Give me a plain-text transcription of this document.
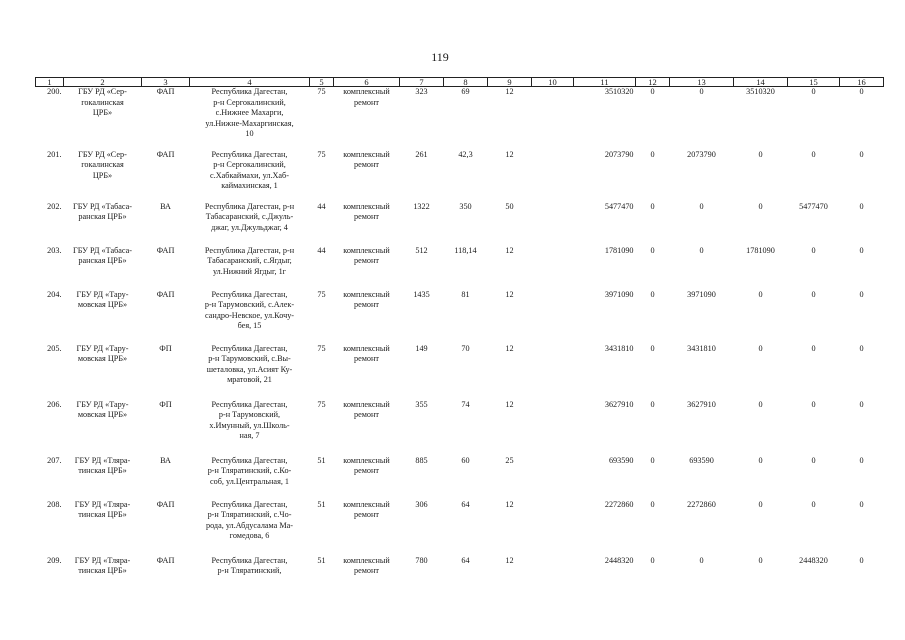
119
1	2	3	4	5	6	7	8	9	10	11	12	13	14	15	16
200.	ГБУ РД «Сер-
гокалинская
ЦРБ»	ФАП	Республика Дагестан,
р-н Сергокалинский,
с.Нижнее Махарги,
ул.Нижне-Махаргинская,
10	75	комплексный
ремонт	323	69	12		3510320	0	0	3510320	0	0
201.	ГБУ РД «Сер-
гокалинская
ЦРБ»	ФАП	Республика Дагестан,
р-н Сергокалинский,
с.Хабкаймахи, ул.Хаб-
каймахинская, 1	75	комплексный
ремонт	261	42,3	12		2073790	0	2073790	0	0	0
202.	ГБУ РД «Табаса-
ранская ЦРБ»	ВА	Республика Дагестан, р-н
Табасаранский, с.Джуль-
джаг, ул.Джульджаг, 4	44	комплексный
ремонт	1322	350	50		5477470	0	0	0	5477470	0
203.	ГБУ РД «Табаса-
ранская ЦРБ»	ФАП	Республика Дагестан, р-н
Табасаранский, с.Ягдыг,
ул.Нижний Ягдыг, 1г	44	комплексный
ремонт	512	118,14	12		1781090	0	0	1781090	0	0
204.	ГБУ РД «Тару-
мовская ЦРБ»	ФАП	Республика Дагестан,
р-н Тарумовский, с.Алек-
сандро-Невское, ул.Кочу-
бея, 15	75	комплексный
ремонт	1435	81	12		3971090	0	3971090	0	0	0
205.	ГБУ РД «Тару-
мовская ЦРБ»	ФП	Республика Дагестан,
р-н Тарумовский, с.Вы-
шеталовка, ул.Асият Ку-
мратовой, 21	75	комплексный
ремонт	149	70	12		3431810	0	3431810	0	0	0
206.	ГБУ РД «Тару-
мовская ЦРБ»	ФП	Республика Дагестан,
р-н Тарумовский,
х.Имунный, ул.Школь-
ная, 7	75	комплексный
ремонт	355	74	12		3627910	0	3627910	0	0	0
207.	ГБУ РД «Тляра-
тинская ЦРБ»	ВА	Республика Дагестан,
р-н Тляратинский, с.Ко-
соб, ул.Центральная, 1	51	комплексный
ремонт	885	60	25		693590	0	693590	0	0	0
208.	ГБУ РД «Тляра-
тинская ЦРБ»	ФАП	Республика Дагестан,
р-н Тляратинский, с.Чо-
рода, ул.Абдусалама Ма-
гомедова, 6	51	комплексный
ремонт	306	64	12		2272860	0	2272860	0	0	0
209.	ГБУ РД «Тляра-
тинская ЦРБ»	ФАП	Республика Дагестан,
р-н Тляратинский,	51	комплексный
ремонт	780	64	12		2448320	0	0	0	2448320	0
